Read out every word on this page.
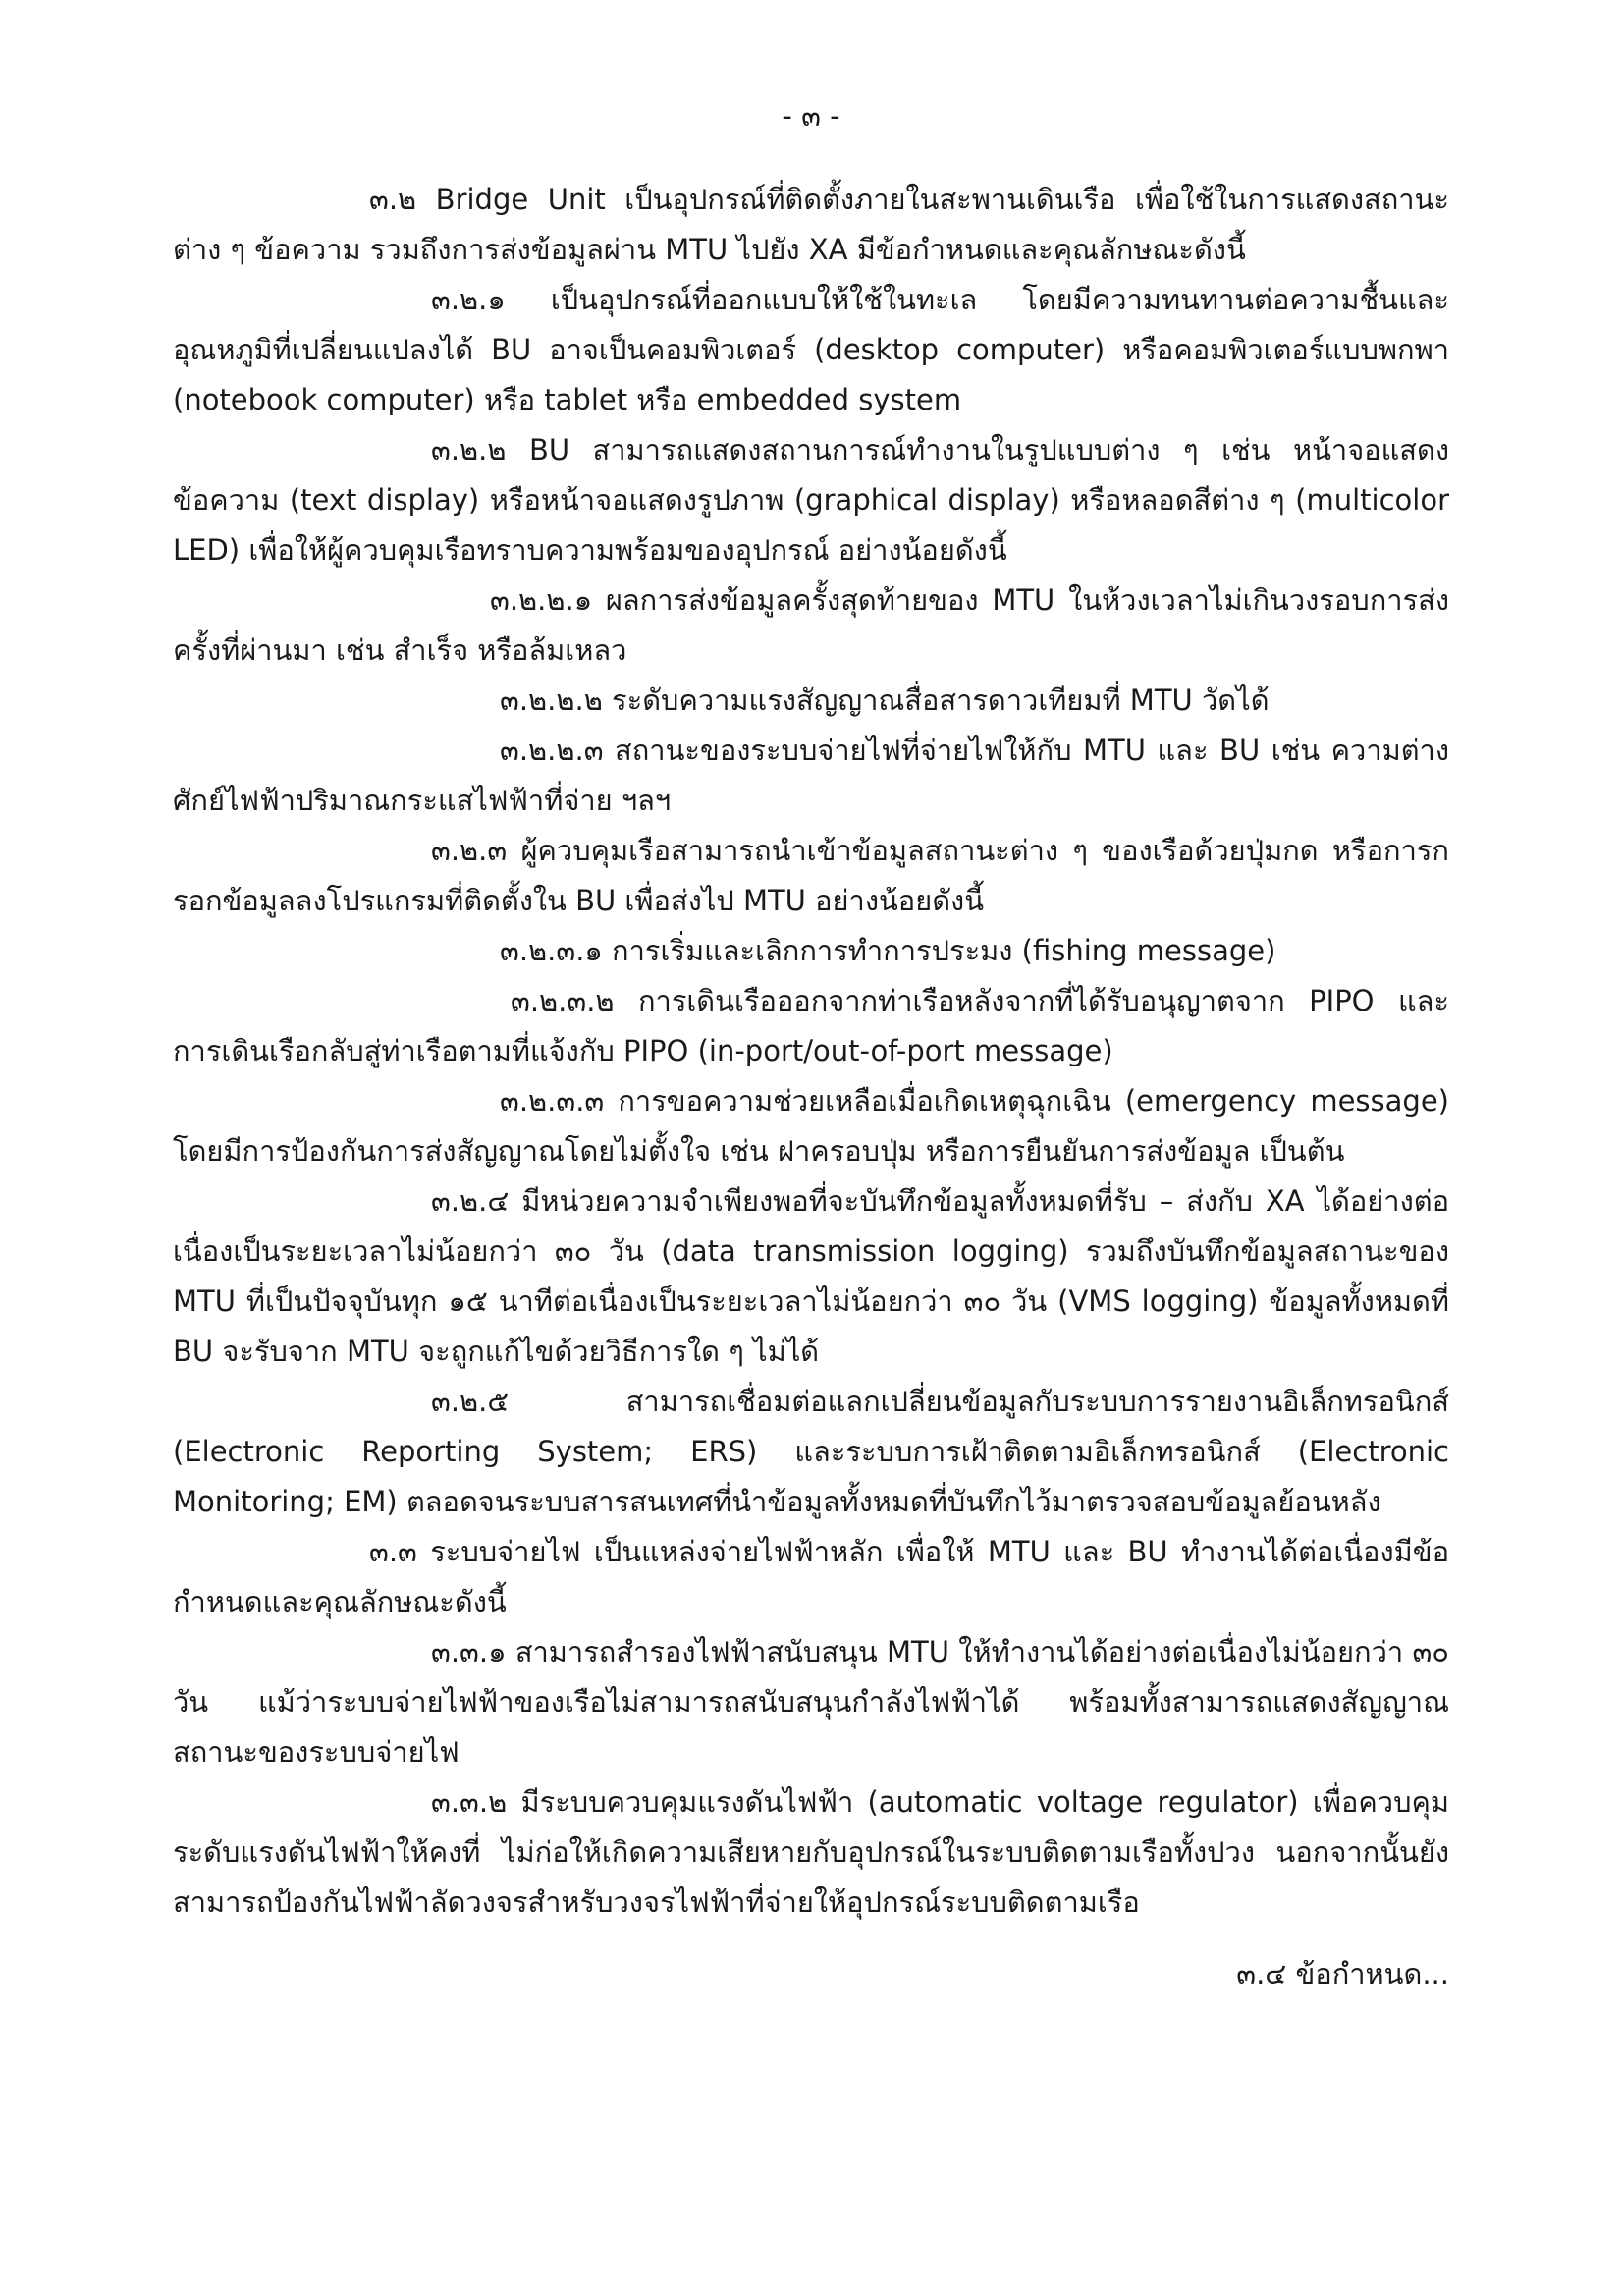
- ๓ -

๓.๒ Bridge Unit เป็นอุปกรณ์ที่ติดตั้งภายในสะพานเดินเรือ เพื่อใช้ในการแสดงสถานะต่าง ๆ ข้อความ รวมถึงการส่งข้อมูลผ่าน MTU ไปยัง XA มีข้อกำหนดและคุณลักษณะดังนี้

๓.๒.๑ เป็นอุปกรณ์ที่ออกแบบให้ใช้ในทะเล โดยมีความทนทานต่อความชื้นและอุณหภูมิที่เปลี่ยนแปลงได้ BU อาจเป็นคอมพิวเตอร์ (desktop computer) หรือคอมพิวเตอร์แบบพกพา (notebook computer) หรือ tablet หรือ embedded system

๓.๒.๒ BU สามารถแสดงสถานการณ์ทำงานในรูปแบบต่าง ๆ เช่น หน้าจอแสดงข้อความ (text display) หรือหน้าจอแสดงรูปภาพ (graphical display) หรือหลอดสีต่าง ๆ (multicolor LED) เพื่อให้ผู้ควบคุมเรือทราบความพร้อมของอุปกรณ์ อย่างน้อยดังนี้

๓.๒.๒.๑ ผลการส่งข้อมูลครั้งสุดท้ายของ MTU ในห้วงเวลาไม่เกินวงรอบการส่งครั้งที่ผ่านมา เช่น สำเร็จ หรือล้มเหลว

๓.๒.๒.๒ ระดับความแรงสัญญาณสื่อสารดาวเทียมที่ MTU วัดได้

๓.๒.๒.๓ สถานะของระบบจ่ายไฟที่จ่ายไฟให้กับ MTU และ BU เช่น ความต่างศักย์ไฟฟ้าปริมาณกระแสไฟฟ้าที่จ่าย ฯลฯ

๓.๒.๓ ผู้ควบคุมเรือสามารถนำเข้าข้อมูลสถานะต่าง ๆ ของเรือด้วยปุ่มกด หรือการกรอกข้อมูลลงโปรแกรมที่ติดตั้งใน BU เพื่อส่งไป MTU อย่างน้อยดังนี้

๓.๒.๓.๑ การเริ่มและเลิกการทำการประมง (fishing message)

๓.๒.๓.๒ การเดินเรือออกจากท่าเรือหลังจากที่ได้รับอนุญาตจาก PIPO และการเดินเรือกลับสู่ท่าเรือตามที่แจ้งกับ PIPO (in-port/out-of-port message)

๓.๒.๓.๓ การขอความช่วยเหลือเมื่อเกิดเหตุฉุกเฉิน (emergency message) โดยมีการป้องกันการส่งสัญญาณโดยไม่ตั้งใจ เช่น ฝาครอบปุ่ม หรือการยืนยันการส่งข้อมูล เป็นต้น

๓.๒.๔ มีหน่วยความจำเพียงพอที่จะบันทึกข้อมูลทั้งหมดที่รับ – ส่งกับ XA ได้อย่างต่อเนื่องเป็นระยะเวลาไม่น้อยกว่า ๓๐ วัน (data transmission logging) รวมถึงบันทึกข้อมูลสถานะของ MTU ที่เป็นปัจจุบันทุก ๑๕ นาทีต่อเนื่องเป็นระยะเวลาไม่น้อยกว่า ๓๐ วัน (VMS logging) ข้อมูลทั้งหมดที่ BU จะรับจาก MTU จะถูกแก้ไขด้วยวิธีการใด ๆ ไม่ได้

๓.๒.๕ สามารถเชื่อมต่อแลกเปลี่ยนข้อมูลกับระบบการรายงานอิเล็กทรอนิกส์ (Electronic Reporting System; ERS) และระบบการเฝ้าติดตามอิเล็กทรอนิกส์ (Electronic Monitoring; EM) ตลอดจนระบบสารสนเทศที่นำข้อมูลทั้งหมดที่บันทึกไว้มาตรวจสอบข้อมูลย้อนหลัง

๓.๓ ระบบจ่ายไฟ เป็นแหล่งจ่ายไฟฟ้าหลัก เพื่อให้ MTU และ BU ทำงานได้ต่อเนื่องมีข้อกำหนดและคุณลักษณะดังนี้

๓.๓.๑ สามารถสำรองไฟฟ้าสนับสนุน MTU ให้ทำงานได้อย่างต่อเนื่องไม่น้อยกว่า ๓๐ วัน แม้ว่าระบบจ่ายไฟฟ้าของเรือไม่สามารถสนับสนุนกำลังไฟฟ้าได้ พร้อมทั้งสามารถแสดงสัญญาณสถานะของระบบจ่ายไฟ

๓.๓.๒ มีระบบควบคุมแรงดันไฟฟ้า (automatic voltage regulator) เพื่อควบคุมระดับแรงดันไฟฟ้าให้คงที่ ไม่ก่อให้เกิดความเสียหายกับอุปกรณ์ในระบบติดตามเรือทั้งปวง นอกจากนั้นยังสามารถป้องกันไฟฟ้าลัดวงจรสำหรับวงจรไฟฟ้าที่จ่ายให้อุปกรณ์ระบบติดตามเรือ

๓.๔ ข้อกำหนด...
